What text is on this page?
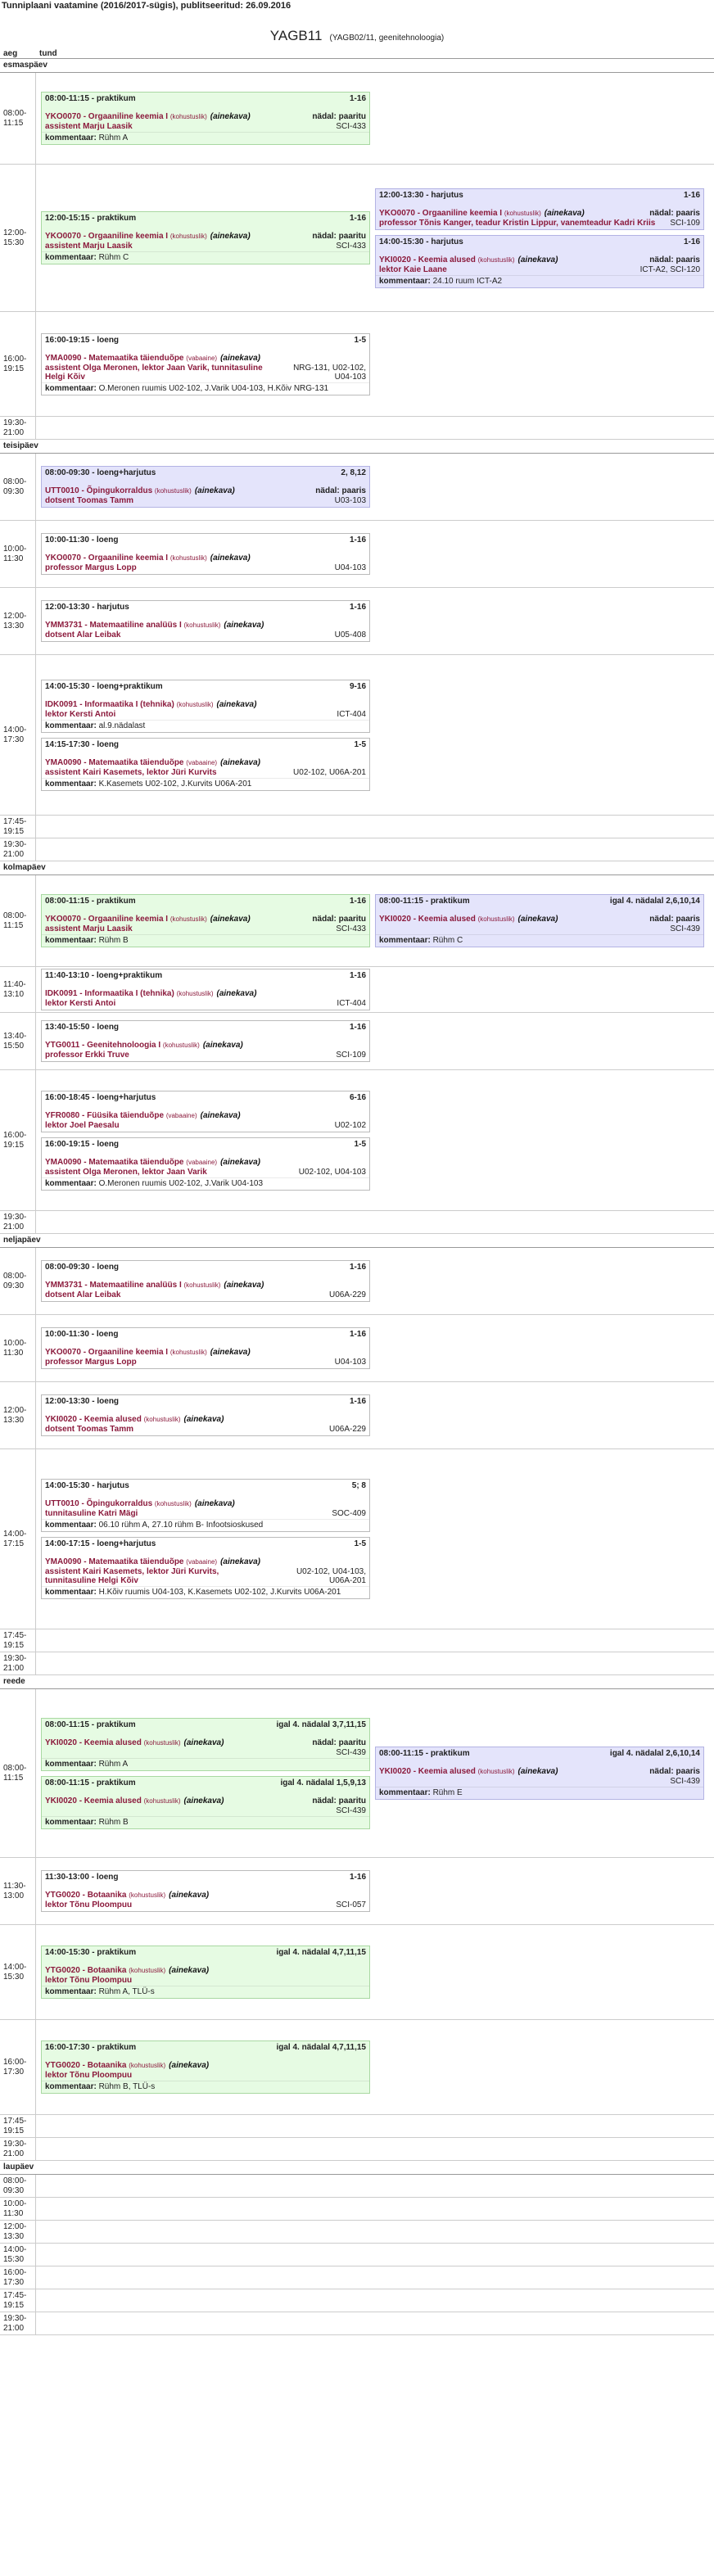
Tunniplaani vaatamine (2016/2017-sügis), publitseeritud: 26.09.2016
YAGB11 (YAGB02/11, geenitehnoloogia)
aeg	tund
esmaspäev
08:00-
11:15
08:00-11:15 - praktikum	1-16
YKO0070 - Orgaaniline keemia I (kohustuslik) (ainekava)	nädal: paaritu
assistent Marju Laasik	SCI-433
kommentaar: Rühm A
12:00-
15:30
12:00-15:15 - praktikum	1-16
YKO0070 - Orgaaniline keemia I (kohustuslik) (ainekava)	nädal: paaritu
assistent Marju Laasik	SCI-433
kommentaar: Rühm C
12:00-13:30 - harjutus	1-16
YKO0070 - Orgaaniline keemia I (kohustuslik) (ainekava)	nädal: paaris
professor Tõnis Kanger, teadur Kristin Lippur, vanemteadur Kadri Kriis	SCI-109
14:00-15:30 - harjutus	1-16
YKI0020 - Keemia alused (kohustuslik) (ainekava)	nädal: paaris
lektor Kaie Laane	ICT-A2, SCI-120
kommentaar: 24.10 ruum ICT-A2
16:00-
19:15
16:00-19:15 - loeng	1-5
YMA0090 - Matemaatika täienduõpe (vabaaine) (ainekava)
assistent Olga Meronen, lektor Jaan Varik, tunnitasuline Helgi Kõiv
NRG-131, U02-102, U04-103
kommentaar: O.Meronen ruumis U02-102, J.Varik U04-103, H.Kõiv NRG-131
19:30-
21:00
teisipäev
08:00-
09:30
08:00-09:30 - loeng+harjutus	2, 8,12
UTT0010 - Õpingukorraldus (kohustuslik) (ainekava)	nädal: paaris
dotsent Toomas Tamm	U03-103
10:00-
11:30
10:00-11:30 - loeng	1-16
YKO0070 - Orgaaniline keemia I (kohustuslik) (ainekava)
professor Margus Lopp	U04-103
12:00-
13:30
12:00-13:30 - harjutus	1-16
YMM3731 - Matemaatiline analüüs I (kohustuslik) (ainekava)
dotsent Alar Leibak	U05-408
14:00-
17:30
14:00-15:30 - loeng+praktikum	9-16
IDK0091 - Informaatika I (tehnika) (kohustuslik) (ainekava)
lektor Kersti Antoi	ICT-404
kommentaar: al.9.nädalast
14:15-17:30 - loeng	1-5
YMA0090 - Matemaatika täienduõpe (vabaaine) (ainekava)
assistent Kairi Kasemets, lektor Jüri Kurvits	U02-102, U06A-201
kommentaar: K.Kasemets U02-102, J.Kurvits U06A-201
17:45-
19:15
19:30-
21:00
kolmapäev
08:00-
11:15
08:00-11:15 - praktikum	1-16
YKO0070 - Orgaaniline keemia I (kohustuslik) (ainekava)	nädal: paaritu
assistent Marju Laasik	SCI-433
kommentaar: Rühm B
08:00-11:15 - praktikum	igal 4. nädalal 2,6,10,14
YKI0020 - Keemia alused (kohustuslik) (ainekava)	nädal: paaris
SCI-439
kommentaar: Rühm C
11:40-
13:10
11:40-13:10 - loeng+praktikum	1-16
IDK0091 - Informaatika I (tehnika) (kohustuslik) (ainekava)
lektor Kersti Antoi	ICT-404
13:40-
15:50
13:40-15:50 - loeng	1-16
YTG0011 - Geenitehnoloogia I (kohustuslik) (ainekava)
professor Erkki Truve	SCI-109
16:00-
19:15
16:00-18:45 - loeng+harjutus	6-16
YFR0080 - Füüsika täienduõpe (vabaaine) (ainekava)
lektor Joel Paesalu	U02-102
16:00-19:15 - loeng	1-5
YMA0090 - Matemaatika täienduõpe (vabaaine) (ainekava)
assistent Olga Meronen, lektor Jaan Varik	U02-102, U04-103
kommentaar: O.Meronen ruumis U02-102, J.Varik U04-103
19:30-
21:00
neljapäev
08:00-
09:30
08:00-09:30 - loeng	1-16
YMM3731 - Matemaatiline analüüs I (kohustuslik) (ainekava)
dotsent Alar Leibak	U06A-229
10:00-
11:30
10:00-11:30 - loeng	1-16
YKO0070 - Orgaaniline keemia I (kohustuslik) (ainekava)
professor Margus Lopp	U04-103
12:00-
13:30
12:00-13:30 - loeng	1-16
YKI0020 - Keemia alused (kohustuslik) (ainekava)
dotsent Toomas Tamm	U06A-229
14:00-
17:15
14:00-15:30 - harjutus	5; 8
UTT0010 - Õpingukorraldus (kohustuslik) (ainekava)
tunnitasuline Katri Mägi	SOC-409
kommentaar: 06.10 rühm A, 27.10 rühm B- Infootsioskused
14:00-17:15 - loeng+harjutus	1-5
YMA0090 - Matemaatika täienduõpe (vabaaine) (ainekava)
assistent Kairi Kasemets, lektor Jüri Kurvits, tunnitasuline Helgi Kõiv
U02-102, U04-103, U06A-201
kommentaar: H.Kõiv ruumis U04-103, K.Kasemets U02-102, J.Kurvits U06A-201
17:45-
19:15
19:30-
21:00
reede
08:00-
11:15
08:00-11:15 - praktikum	igal 4. nädalal 3,7,11,15
YKI0020 - Keemia alused (kohustuslik) (ainekava)	nädal: paaritu
SCI-439
kommentaar: Rühm A
08:00-11:15 - praktikum	igal 4. nädalal 1,5,9,13
YKI0020 - Keemia alused (kohustuslik) (ainekava)	nädal: paaritu
SCI-439
kommentaar: Rühm B
08:00-11:15 - praktikum	igal 4. nädalal 2,6,10,14
YKI0020 - Keemia alused (kohustuslik) (ainekava)	nädal: paaris
SCI-439
kommentaar: Rühm E
11:30-
13:00
11:30-13:00 - loeng	1-16
YTG0020 - Botaanika (kohustuslik) (ainekava)
lektor Tõnu Ploompuu	SCI-057
14:00-
15:30
14:00-15:30 - praktikum	igal 4. nädalal 4,7,11,15
YTG0020 - Botaanika (kohustuslik) (ainekava)
lektor Tõnu Ploompuu
kommentaar: Rühm A, TLÜ-s
16:00-
17:30
16:00-17:30 - praktikum	igal 4. nädalal 4,7,11,15
YTG0020 - Botaanika (kohustuslik) (ainekava)
lektor Tõnu Ploompuu
kommentaar: Rühm B, TLÜ-s
17:45-
19:15
19:30-
21:00
laupäev
08:00-
09:30
10:00-
11:30
12:00-
13:30
14:00-
15:30
16:00-
17:30
17:45-
19:15
19:30-
21:00
